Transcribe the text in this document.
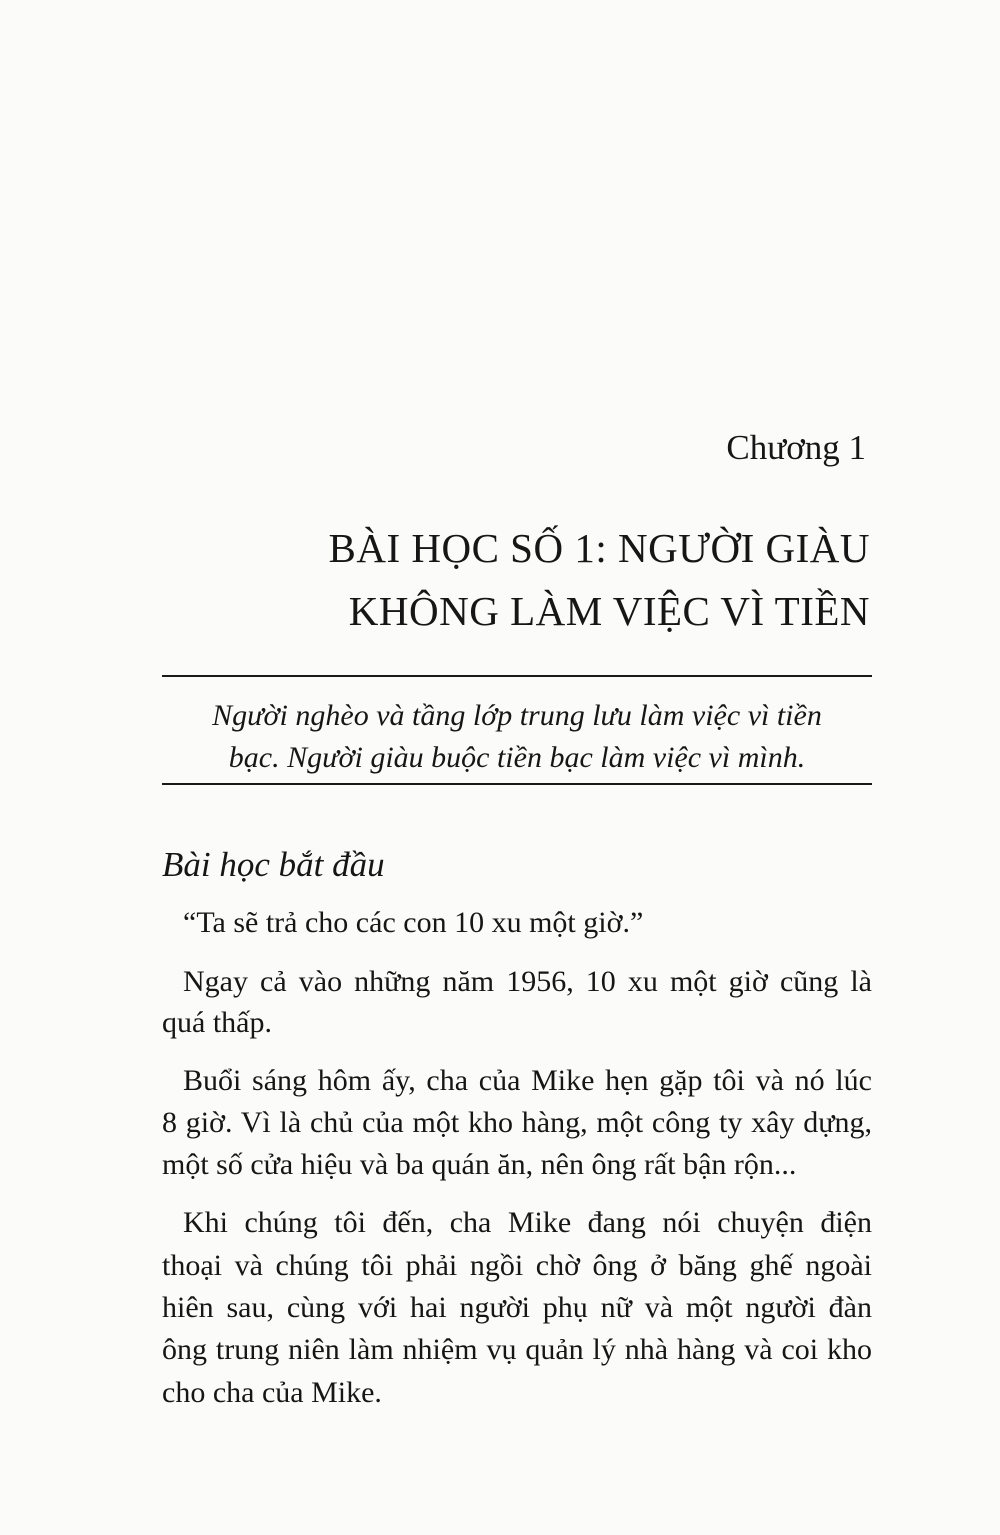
Chương 1
BÀI HỌC SỐ 1: NGƯỜI GIÀU
KHÔNG LÀM VIỆC VÌ TIỀN
Người nghèo và tầng lớp trung lưu làm việc vì tiền
bạc. Người giàu buộc tiền bạc làm việc vì mình.
Bài học bắt đầu
“Ta sẽ trả cho các con 10 xu một giờ.”
Ngay cả vào những năm 1956, 10 xu một giờ cũng là
quá thấp.
Buổi sáng hôm ấy, cha của Mike hẹn gặp tôi và nó lúc
8 giờ. Vì là chủ của một kho hàng, một công ty xây dựng,
một số cửa hiệu và ba quán ăn, nên ông rất bận rộn...
Khi chúng tôi đến, cha Mike đang nói chuyện điện
thoại và chúng tôi phải ngồi chờ ông ở băng ghế ngoài
hiên sau, cùng với hai người phụ nữ và một người đàn
ông trung niên làm nhiệm vụ quản lý nhà hàng và coi kho
cho cha của Mike.
